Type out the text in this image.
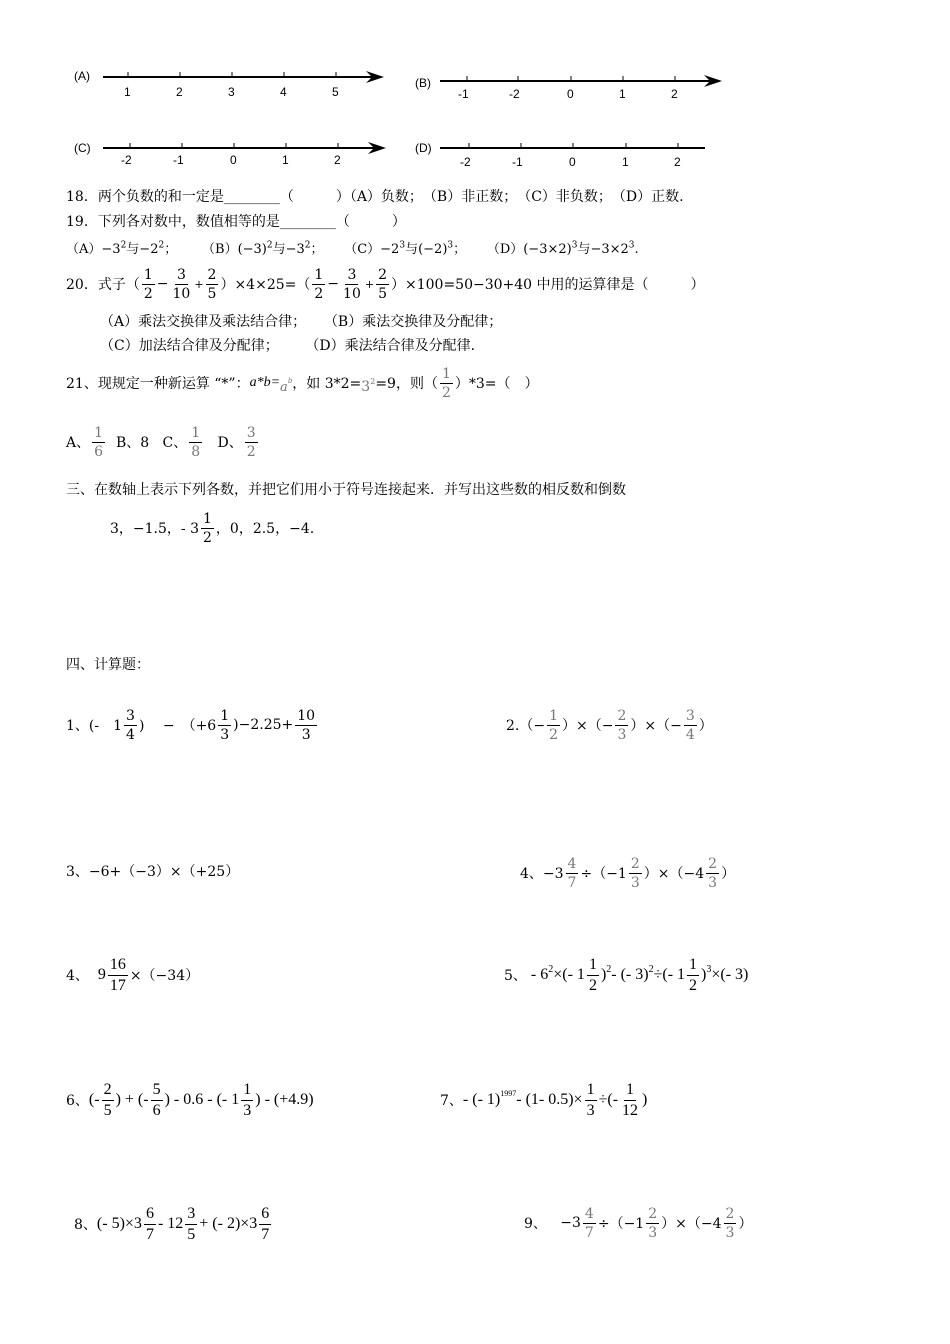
(A)
1	2	3	4	5
(B)
-1	-2	0	1	2
(C)
-2	-1	0	1	2
(D)
-2	-1	0	1	2
18．两个负数的和一定是________（　　　）（A）负数；　（B）非正数；　（C）非负数；　（D）正数.
19．下列各对数中，数值相等的是________（　　　）
$(A)-3^2$与$-2^2$； $(B)(-3)^2$与$-3^2$； $(C)-2^3$与$(-2)^3$； $(D)(-3\times 2)^3$与$-3\times 2^3$.
20．式子（ $\frac{1}{2} - \frac{3}{10} + \frac{2}{5} )\times 4\times 25=( \frac{1}{2} - \frac{3}{10} + \frac{2}{5} )\times 100=50-30+40$ 中用的运算律是（　　　）
（A）乘法交换律及乘法结合律； （B）乘法交换律及分配律；
（C）加法结合律及分配律； （D）乘法结合律及分配律.
21、现规定一种新运算 “*”： a*b= a b ，如 3*2= 3 2 =9，则（ $\frac{1}{2} )*3=$（　）
A、 $\frac{1}{6}$
B、8
C、 $\frac{1}{8}$
D、 $\frac{3}{2}$
三、在数轴上表示下列各数，并把它们用小于符号连接起来．并写出这些数的相反数和倒数
3，−1.5，- $3 \frac{1}{2}$ ，0，2.5，−4.
四、计算题：
1、(-　$1 \frac{3}{4}$ ) 　−　$(+6 \frac{1}{3} )-2.25+ \frac{10}{3}$	$2.(- \frac{1}{2}$ ）×（− $\frac{2}{3}$ ）×（− $\frac{3}{4}$ ）
3、−6+（−3）×（+25）	4、$-3 \frac{4}{7} \div(-1 \frac{2}{3} )\times(-4 \frac{2}{3}$ ）
4、
$9 \frac{16}{17} \times(-34)$	5、
- 6 2 ×(- $1 \frac{1}{2}$ ) 2 - (- 3) 2 ÷(- $1 \frac{1}{2}$ ) 3 ×(- 3)
6、 (- $\frac{2}{5}$ ) + (- $\frac{5}{6}$ ) - 0.6 - (- $1 \frac{1}{3}$ ) - (+4.9)	7、 - (- 1) 1997 - (1- $0.5)\times \frac{1}{3}$ ÷(- $\frac{1}{12}$ )
8、 (- $5)\times 3 \frac{6}{7} - 12 \frac{3}{5}$ + (- $2)\times 3 \frac{6}{7}$	9、
$-3 \frac{4}{7} \div(-1 \frac{2}{3} )\times(-4 \frac{2}{3}$ ）
